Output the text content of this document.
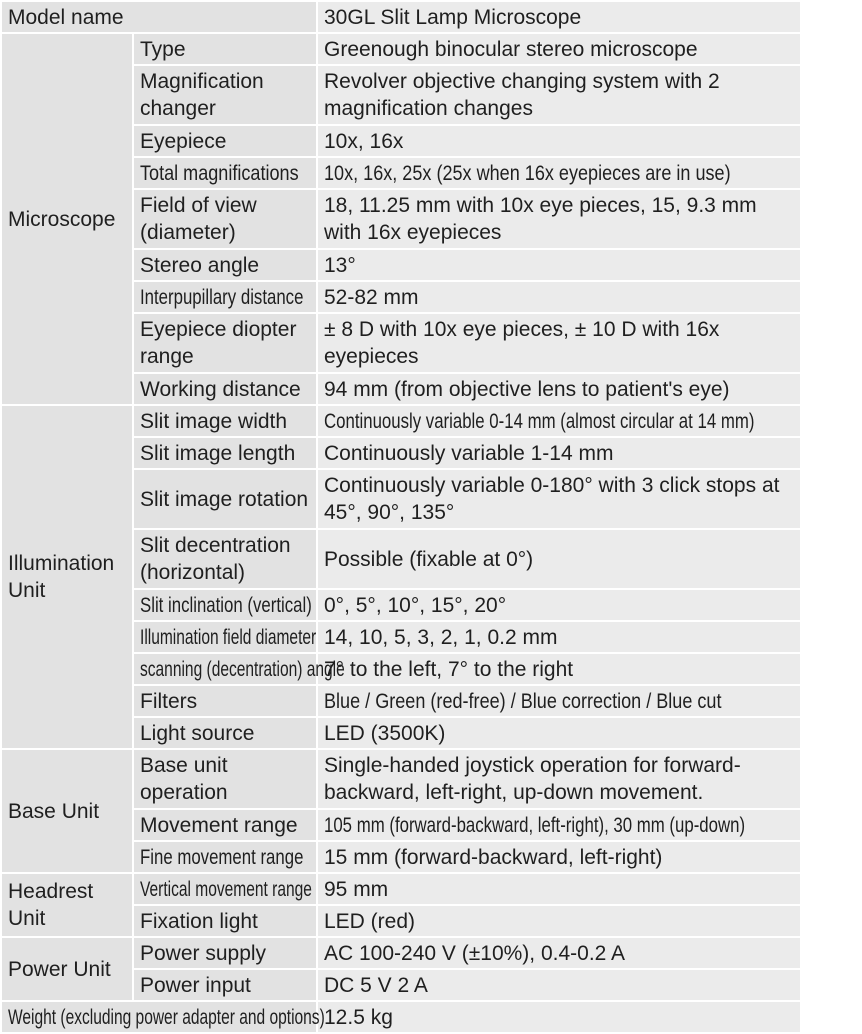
Model name		30GL Slit Lamp Microscope
Microscope	Type	Greenough binocular stereo microscope
	Magnification changer	Revolver objective changing system with 2 magnification changes
	Eyepiece	10x, 16x
	Total magnifications	10x, 16x, 25x (25x when 16x eyepieces are in use)
	Field of view (diameter)	18, 11.25 mm with 10x eye pieces, 15, 9.3 mm with 16x eyepieces
	Stereo angle	13°
	Interpupillary distance	52-82 mm
	Eyepiece diopter range	± 8 D with 10x eye pieces, ± 10 D with 16x eyepieces
	Working distance	94 mm (from objective lens to patient's eye)
Illumination Unit	Slit image width	Continuously variable 0-14 mm (almost circular at 14 mm)
	Slit image length	Continuously variable 1-14 mm
	Slit image rotation	Continuously variable 0-180° with 3 click stops at 45°, 90°, 135°
	Slit decentration (horizontal)	Possible (fixable at 0°)
	Slit inclination (vertical)	0°, 5°, 10°, 15°, 20°
	Illumination field diameter	14, 10, 5, 3, 2, 1, 0.2 mm
	scanning (decentration) angle	7° to the left, 7° to the right
	Filters	Blue / Green (red-free) / Blue correction / Blue cut
	Light source	LED (3500K)
Base Unit	Base unit operation	Single-handed joystick operation for forward-backward, left-right, up-down movement.
	Movement range	105 mm (forward-backward, left-right), 30 mm (up-down)
	Fine movement range	15 mm (forward-backward, left-right)
Headrest Unit	Vertical movement range	95 mm
	Fixation light	LED (red)
Power Unit	Power supply	AC 100-240 V (±10%), 0.4-0.2 A
	Power input	DC 5 V 2 A
Weight (excluding power adapter and options)		12.5 kg
